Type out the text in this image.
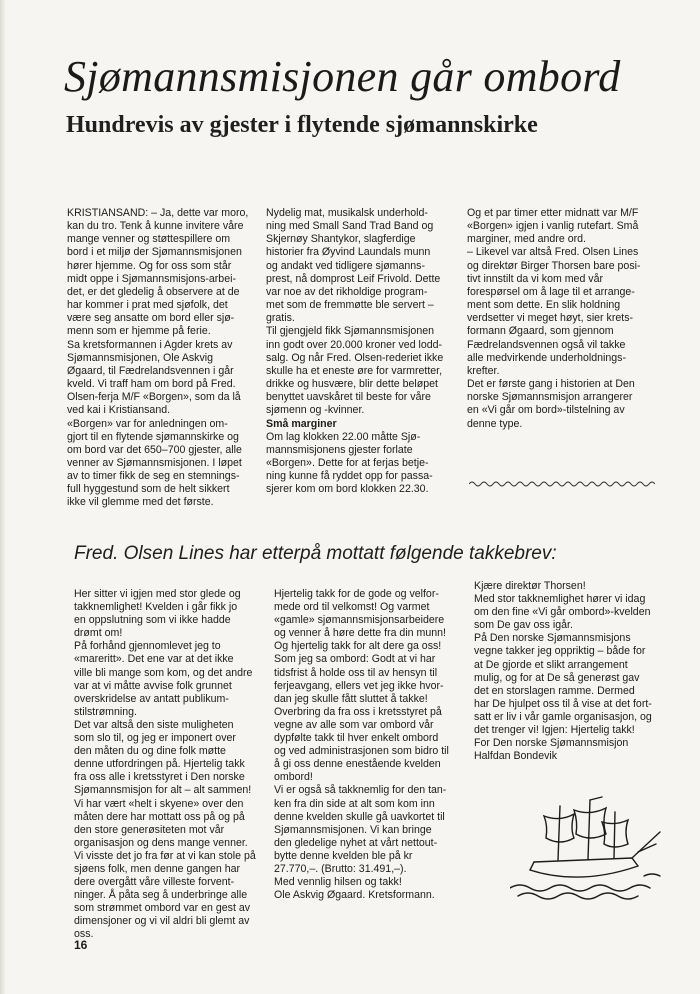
Sjømannsmisjonen går ombord
Hundrevis av gjester i flytende sjømannskirke

KRISTIANSAND: – Ja, dette var moro,
kan du tro. Tenk å kunne invitere våre
mange venner og støttespillere om
bord i et miljø der Sjømannsmisjonen
hører hjemme. Og for oss som står
midt oppe i Sjømannsmisjons-arbei-
det, er det gledelig å observere at de
har kommer i prat med sjøfolk, det
være seg ansatte om bord eller sjø-
menn som er hjemme på ferie.
Sa kretsformannen i Agder krets av
Sjømannsmisjonen, Ole Askvig
Øgaard, til Fædrelandsvennen i går
kveld. Vi traff ham om bord på Fred.
Olsen-ferja M/F «Borgen», som da lå
ved kai i Kristiansand.
«Borgen» var for anledningen om-
gjort til en flytende sjømannskirke og
om bord var det 650–700 gjester, alle
venner av Sjømannsmisjonen. I løpet
av to timer fikk de seg en stemnings-
full hyggestund som de helt sikkert
ikke vil glemme med det første.

Nydelig mat, musikalsk underhold-
ning med Small Sand Trad Band og
Skjernøy Shantykor, slagferdige
historier fra Øyvind Laundals munn
og andakt ved tidligere sjømanns-
prest, nå domprost Leif Frivold. Dette
var noe av det rikholdige program-
met som de fremmøtte ble servert –
gratis.
Til gjengjeld fikk Sjømannsmisjonen
inn godt over 20.000 kroner ved lodd-
salg. Og når Fred. Olsen-rederiet ikke
skulle ha et eneste øre for varmretter,
drikke og husvære, blir dette beløpet
benyttet uavskåret til beste for våre
sjømenn og -kvinner.

Små marginer

Om lag klokken 22.00 måtte Sjø-
mannsmisjonens gjester forlate
«Borgen». Dette for at ferjas betje-
ning kunne få ryddet opp for passa-
sjerer kom om bord klokken 22.30.

Og et par timer etter midnatt var M/F
«Borgen» igjen i vanlig rutefart. Små
marginer, med andre ord.
– Likevel var altså Fred. Olsen Lines
og direktør Birger Thorsen bare posi-
tivt innstilt da vi kom med vår
forespørsel om å lage til et arrange-
ment som dette. En slik holdning
verdsetter vi meget høyt, sier krets-
formann Øgaard, som gjennom
Fædrelandsvennen også vil takke
alle medvirkende underholdnings-
krefter.
Det er første gang i historien at Den
norske Sjømannsmisjon arrangerer
en «Vi går om bord»-tilstelning av
denne type.

Fred. Olsen Lines har etterpå mottatt følgende takkebrev:

Her sitter vi igjen med stor glede og
takknemlighet! Kvelden i går fikk jo
en oppslutning som vi ikke hadde
drømt om!
På forhånd gjennomlevet jeg to
«mareritt». Det ene var at det ikke
ville bli mange som kom, og det andre
var at vi måtte avvise folk grunnet
overskridelse av antatt publikum-
stilstrømning.
Det var altså den siste muligheten
som slo til, og jeg er imponert over
den måten du og dine folk møtte
denne utfordringen på. Hjertelig takk
fra oss alle i kretsstyret i Den norske
Sjømannsmisjon for alt – alt sammen!
Vi har vært «helt i skyene» over den
måten dere har mottatt oss på og på
den store generøsiteten mot vår
organisasjon og dens mange venner.
Vi visste det jo fra før at vi kan stole på
sjøens folk, men denne gangen har
dere overgått våre villeste forvent-
ninger. Å påta seg å underbringe alle
som strømmet ombord var en gest av
dimensjoner og vi vil aldri bli glemt av
oss.

Hjertelig takk for de gode og velfor-
mede ord til velkomst! Og varmet
«gamle» sjømannsmisjonsarbeidere
og venner å høre dette fra din munn!
Og hjertelig takk for alt dere ga oss!
Som jeg sa ombord: Godt at vi har
tidsfrist å holde oss til av hensyn til
ferjeavgang, ellers vet jeg ikke hvor-
dan jeg skulle fått sluttet å takke!
Overbring da fra oss i kretsstyret på
vegne av alle som var ombord vår
dypfølte takk til hver enkelt ombord
og ved administrasjonen som bidro til
å gi oss denne enestående kvelden
ombord!
Vi er også så takknemlig for den tan-
ken fra din side at alt som kom inn
denne kvelden skulle gå uavkortet til
Sjømannsmisjonen. Vi kan bringe
den gledelige nyhet at vårt nettout-
bytte denne kvelden ble på kr
27.770,–. (Brutto: 31.491,–).
Med vennlig hilsen og takk!
Ole Askvig Øgaard. Kretsformann.

Kjære direktør Thorsen!
Med stor takknemlighet hører vi idag
om den fine «Vi går ombord»-kvelden
som De gav oss igår.
På Den norske Sjømannsmisjons
vegne takker jeg oppriktig – både for
at De gjorde et slikt arrangement
mulig, og for at De så generøst gav
det en storslagen ramme. Dermed
har De hjulpet oss til å vise at det fort-
satt er liv i vår gamle organisasjon, og
det trenger vi! Igjen: Hjertelig takk!
For Den norske Sjømannsmisjon
Halfdan Bondevik

16
